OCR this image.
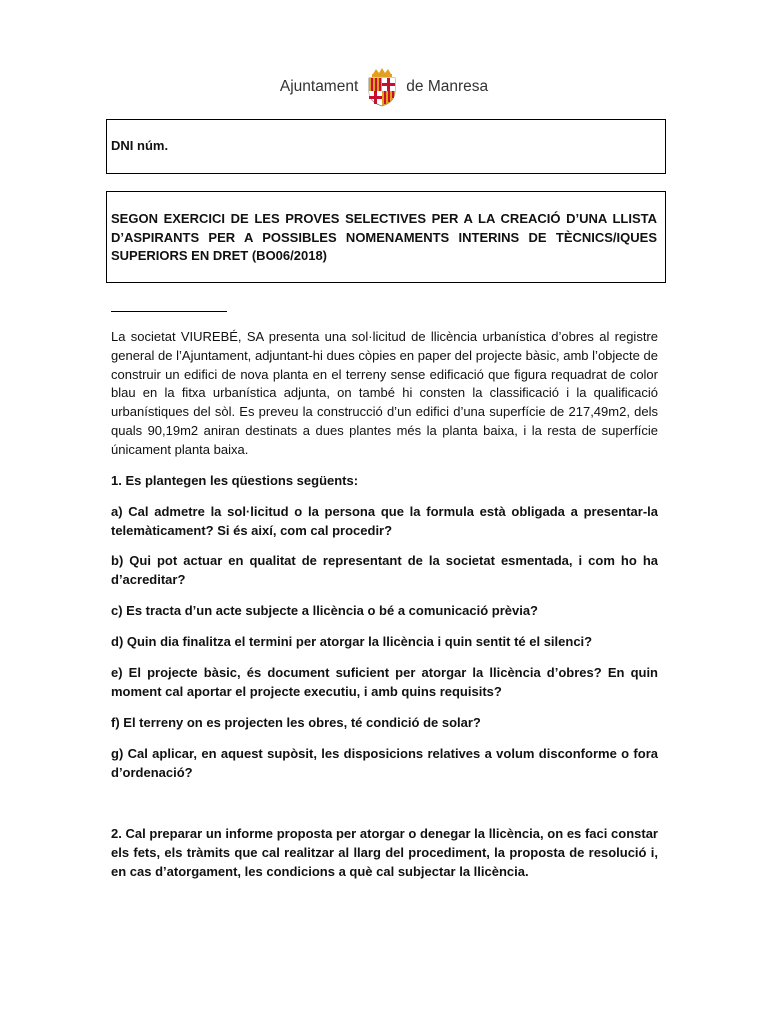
Ajuntament	de Manresa
DNI núm.
SEGON EXERCICI DE LES PROVES SELECTIVES PER A LA CREACIÓ D’UNA LLISTA D’ASPIRANTS PER A POSSIBLES NOMENAMENTS INTERINS DE TÈCNICS/IQUES SUPERIORS EN DRET (BO06/2018)
La societat VIUREBÉ, SA presenta una sol·licitud de llicència urbanística d’obres al registre general de l’Ajuntament, adjuntant-hi dues còpies en paper del projecte bàsic, amb l’objecte de construir un edifici de nova planta en el terreny sense edificació que figura requadrat de color blau en la fitxa urbanística adjunta, on també hi consten la classificació i la qualificació urbanístiques del sòl. Es preveu la construcció d’un edifici d’una superfície de 217,49m2, dels quals 90,19m2 aniran destinats a dues plantes més la planta baixa, i la resta de superfície únicament planta baixa.
1. Es plantegen les qüestions següents:
a) Cal admetre la sol·licitud o la persona que la formula està obligada a presentar-la telemàticament? Si és així, com cal procedir?
b) Qui pot actuar en qualitat de representant de la societat esmentada, i com ho ha d’acreditar?
c) Es tracta d’un acte subjecte a llicència o bé a comunicació prèvia?
d) Quin dia finalitza el termini per atorgar la llicència i quin sentit té el silenci?
e) El projecte bàsic, és document suficient per atorgar la llicència d’obres? En quin moment cal aportar el projecte executiu, i amb quins requisits?
f) El terreny on es projecten les obres, té condició de solar?
g) Cal aplicar, en aquest supòsit, les disposicions relatives a volum disconforme o fora d’ordenació?
2. Cal preparar un informe proposta per atorgar o denegar la llicència, on es faci constar els fets, els tràmits que cal realitzar al llarg del procediment, la proposta de resolució i, en cas d’atorgament, les condicions a què cal subjectar la llicència.
